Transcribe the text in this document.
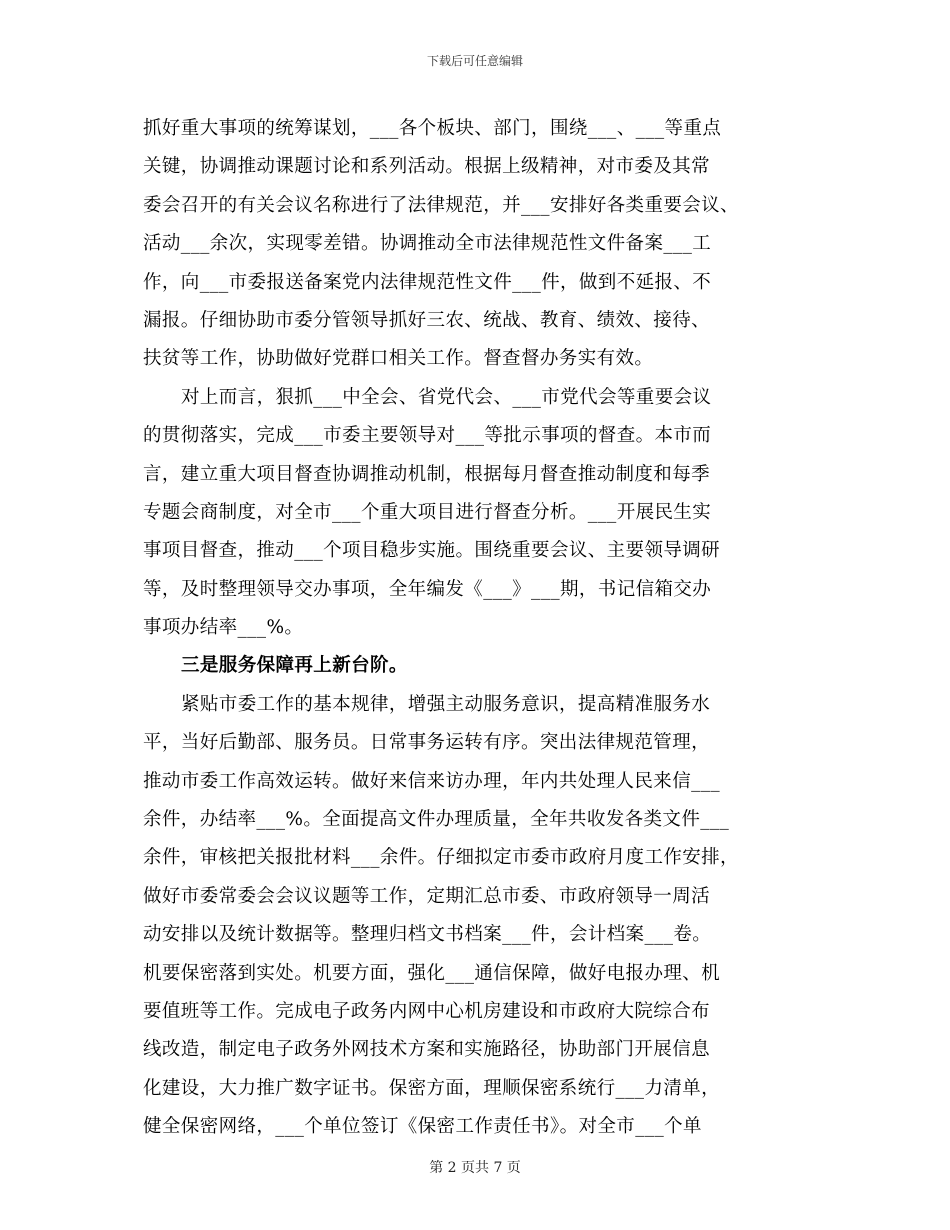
下载后可任意编辑
抓好重大事项的统筹谋划，___各个板块、部门，围绕___、___等重点
关键，协调推动课题讨论和系列活动。根据上级精神，对市委及其常
委会召开的有关会议名称进行了法律规范，并___安排好各类重要会议、
活动___余次，实现零差错。协调推动全市法律规范性文件备案___工
作，向___市委报送备案党内法律规范性文件___件，做到不延报、不
漏报。仔细协助市委分管领导抓好三农、统战、教育、绩效、接待、
扶贫等工作，协助做好党群口相关工作。督查督办务实有效。
对上而言，狠抓___中全会、省党代会、___市党代会等重要会议
的贯彻落实，完成___市委主要领导对___等批示事项的督查。本市而
言，建立重大项目督查协调推动机制，根据每月督查推动制度和每季
专题会商制度，对全市___个重大项目进行督查分析。___开展民生实
事项目督查，推动___个项目稳步实施。围绕重要会议、主要领导调研
等，及时整理领导交办事项，全年编发《___》___期，书记信箱交办
事项办结率___%。
三是服务保障再上新台阶。
紧贴市委工作的基本规律，增强主动服务意识，提高精准服务水
平，当好后勤部、服务员。日常事务运转有序。突出法律规范管理，
推动市委工作高效运转。做好来信来访办理，年内共处理人民来信___
余件，办结率___%。全面提高文件办理质量，全年共收发各类文件___
余件，审核把关报批材料___余件。仔细拟定市委市政府月度工作安排，
做好市委常委会会议议题等工作，定期汇总市委、市政府领导一周活
动安排以及统计数据等。整理归档文书档案___件，会计档案___卷。
机要保密落到实处。机要方面，强化___通信保障，做好电报办理、机
要值班等工作。完成电子政务内网中心机房建设和市政府大院综合布
线改造，制定电子政务外网技术方案和实施路径，协助部门开展信息
化建设，大力推广数字证书。保密方面，理顺保密系统行___力清单，
健全保密网络，___个单位签订《保密工作责任书》。对全市___个单
第 2 页共 7 页
